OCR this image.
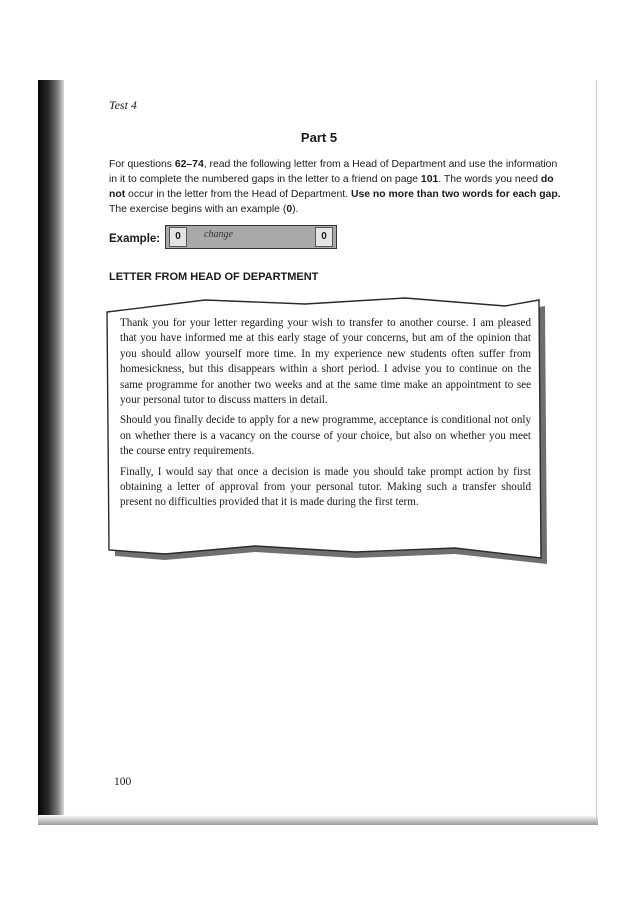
Test 4
Part 5
For questions 62–74, read the following letter from a Head of Department and use the information
in it to complete the numbered gaps in the letter to a friend on page 101. The words you need do
not occur in the letter from the Head of Department. Use no more than two words for each gap.
The exercise begins with an example (0).
Example:	0	change	0
LETTER FROM HEAD OF DEPARTMENT

Thank you for your letter regarding your wish to transfer to another course. I am pleased that you have informed me at this early stage of your concerns, but am of the opinion that you should allow yourself more time. In my experience new students often suffer from homesickness, but this disappears within a short period. I advise you to continue on the same programme for another two weeks and at the same time make an appointment to see your personal tutor to discuss matters in detail.

Should you finally decide to apply for a new programme, acceptance is conditional not only on whether there is a vacancy on the course of your choice, but also on whether you meet the course entry requirements.

Finally, I would say that once a decision is made you should take prompt action by first obtaining a letter of approval from your personal tutor. Making such a transfer should present no difficulties provided that it is made during the first term.

100
